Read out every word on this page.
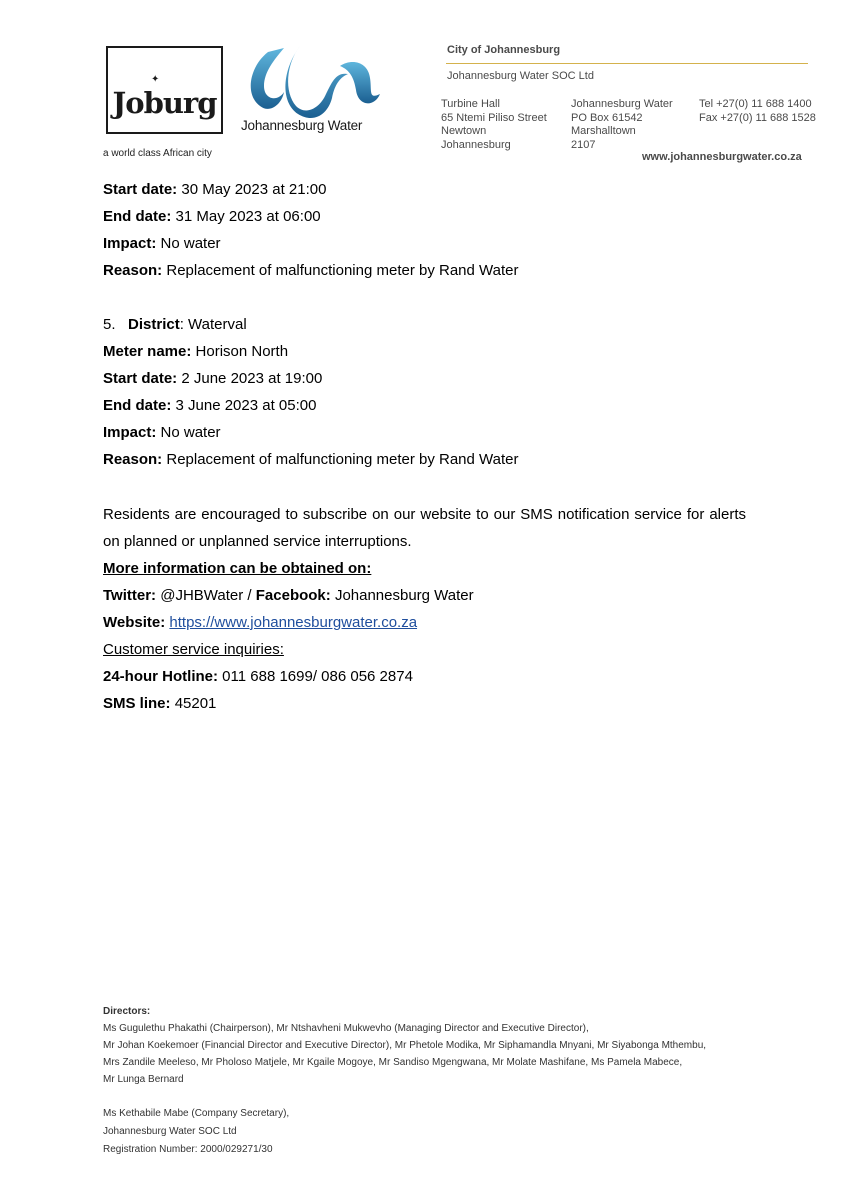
✦
Joburg
a world class African city
Johannesburg Water
City of Johannesburg
Johannesburg Water SOC Ltd
Turbine Hall
65 Ntemi Piliso Street
Newtown
Johannesburg
Johannesburg Water
PO Box 61542
Marshalltown
2107
Tel +27(0) 11 688 1400
Fax +27(0) 11 688 1528
www.johannesburgwater.co.za
Start date: 30 May 2023 at 21:00
End date: 31 May 2023 at 06:00
Impact: No water
Reason: Replacement of malfunctioning meter by Rand Water
5. District: Waterval
Meter name: Horison North
Start date: 2 June 2023 at 19:00
End date: 3 June 2023 at 05:00
Impact: No water
Reason: Replacement of malfunctioning meter by Rand Water
Residents are encouraged to subscribe on our website to our SMS notification service for alerts on planned or unplanned service interruptions.
More information can be obtained on:
Twitter: @JHBWater / Facebook: Johannesburg Water
Website: https://www.johannesburgwater.co.za
Customer service inquiries:
24-hour Hotline: 011 688 1699/ 086 056 2874
SMS line: 45201
Directors:
Ms Gugulethu Phakathi (Chairperson), Mr Ntshavheni Mukwevho (Managing Director and Executive Director),
Mr Johan Koekemoer (Financial Director and Executive Director), Mr Phetole Modika, Mr Siphamandla Mnyani, Mr Siyabonga Mthembu,
Mrs Zandile Meeleso, Mr Pholoso Matjele, Mr Kgaile Mogoye, Mr Sandiso Mgengwana, Mr Molate Mashifane, Ms Pamela Mabece,
Mr Lunga Bernard
Ms Kethabile Mabe (Company Secretary),
Johannesburg Water SOC Ltd
Registration Number: 2000/029271/30
